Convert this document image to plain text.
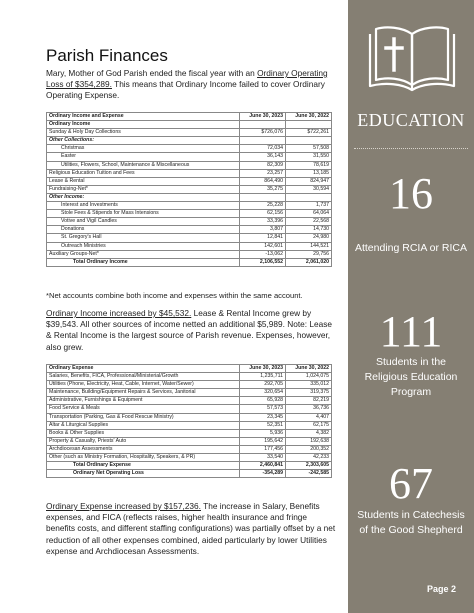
Parish Finances

Mary, Mother of God Parish ended the fiscal year with an Ordinary Operating Loss of $354,289. This means that Ordinary Income failed to cover Ordinary Operating Expense.

Ordinary Income and Expense	June 30, 2023	June 30, 2022
Ordinary Income		
Sunday & Holy Day Collections	$726,076	$722,261
Other Collections:		
Christmas	72,034	57,508
Easter	36,143	31,550
Utilities, Flowers, School, Maintenance & Miscellaneous	82,309	78,619
Religious Education Tuition and Fees	23,257	13,185
Lease & Rental	864,490	824,947
Fundraising-Net*	35,275	30,594
Other Income:		
Interest and Investments	25,228	1,737
Stole Fees & Stipends for Mass Intensions	62,156	64,064
Votive and Vigil Candles	33,396	22,568
Donations	3,807	14,730
St. Gregory's Hall	12,841	24,980
Outreach Ministries	142,601	144,521
Auxiliary Groups-Net*	-13,062	29,756
Total Ordinary Income	2,106,552	2,061,020

*Net accounts combine both income and expenses within the same account.

Ordinary Income increased by $45,532. Lease & Rental Income grew by $39,543. All other sources of income netted an additional $5,989. Note: Lease & Rental Income is the largest source of Parish revenue. Expenses, however, also grew.

Ordinary Expense	June 30, 2023	June 30, 2022
Salaries, Benefits, FICA, Professional/Ministerial/Growth	1,235,711	1,024,075
Utilities (Phone, Electricity, Heat, Cable, Internet, Water/Sewer)	292,705	335,012
Maintenance, Building/Equipment Repairs & Services, Janitorial	320,654	319,375
Administrative, Furnishings & Equipment	65,928	82,219
Food Service & Meals	57,573	36,736
Transportation (Parking, Gas & Food Rescue Ministry)	23,345	4,407
Altar & Liturgical Supplies	52,351	62,175
Books & Other Supplies	5,936	4,382
Property & Casualty, Priests' Auto	195,642	192,638
Archdiocesan Assessments	177,456	200,352
Other (such as Ministry Formation, Hospitality, Speakers, & PR)	33,540	42,233
Total Ordinary Expense	2,460,841	2,303,605
Ordinary Net Operating Loss	-354,289	-242,585

Ordinary Expense increased by $157,236. The increase in Salary, Benefits expenses, and FICA (reflects raises, higher health insurance and fringe benefits costs, and different staffing configurations) was partially offset by a net reduction of all other expenses combined, aided particularly by lower Utilities expense and Archdiocesan Assessments.

EDUCATION
16
Attending RCIA or RICA
111
Students in the Religious Education Program
67
Students in Catechesis of the Good Shepherd
Page 2
